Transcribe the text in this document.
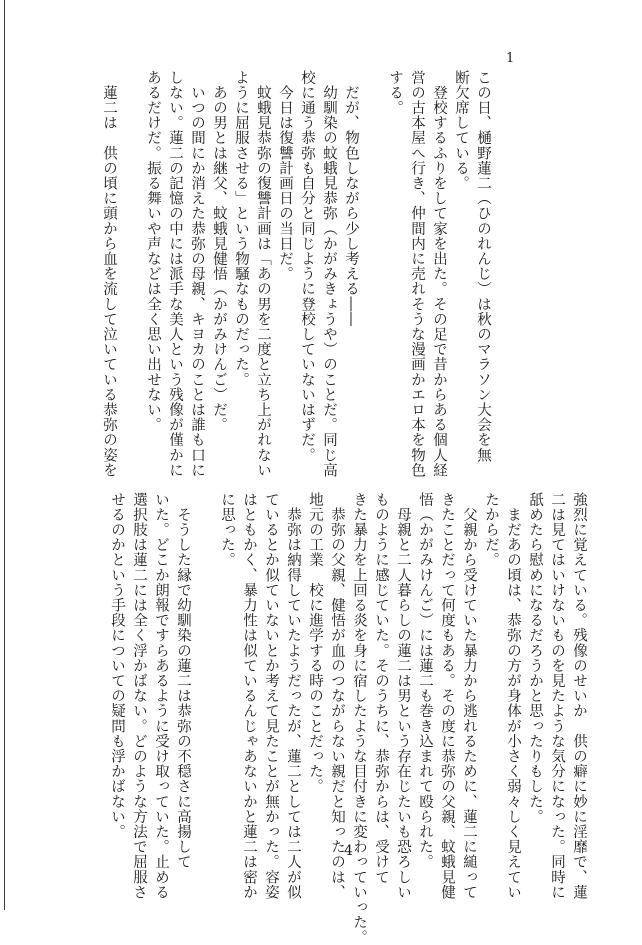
1
この日、樋野蓮二（ひのれんじ）は秋のマラソン大会を無
断欠席している。
　登校するふりをして家を出た。その足で昔からある個人経
営の古本屋へ行き、仲間内に売れそうな漫画かエロ本を物色
する。
　だが、物色しながら少し考える――
　幼馴染の蚊蛾見恭弥（かがみきょうや）のことだ。同じ高
校に通う恭弥も自分と同じように登校していないはずだ。
　今日は復讐計画日の当日だ。
　蚊蛾見恭弥の復讐計画は「あの男を二度と立ち上がれない
ように屈服させる」という物騒なものだった。
　あの男とは継父、蚊蛾見健悟（かがみけんご）だ。
　いつの間にか消えた恭弥の母親、キヨカのことは誰も口に
しない。蓮二の記憶の中には派手な美人という残像が僅かに
あるだけだ。振る舞いや声などは全く思い出せない。
　蓮二は　供の頃に頭から血を流して泣いている恭弥の姿を
強烈に覚えている。残像のせいか　供の癖に妙に淫靡で、蓮
二は見てはいけないものを見たような気分になった。同時に
舐めたら慰めになるだろうかと思ったりもした。
　まだあの頃は、恭弥の方が身体が小さく弱々しく見えてい
たからだ。
　父親から受けていた暴力から逃れるために、蓮二に縋って
きたことだって何度もある。その度に恭弥の父親、蚊蛾見健
悟（かがみけんご）には蓮二も巻き込まれて殴られた。
　母親と二人暮らしの蓮二は男という存在じたいも恐ろしい
ものように感じていた。そのうちに、恭弥からは、受けて
きた暴力を上回る炎を身に宿したような目付きに変わっていった。
　恭弥の父親、健悟が血のつながらない親だと知ったのは、
地元の工業　校に進学する時のことだった。
　恭弥は納得していたようだったが、蓮二としては二人が似
ているとか似ていないとか考えて見たことが無かった。容姿
はともかく、暴力性は似ているんじゃあないかと蓮二は密か
に思った。
　そうした縁で幼馴染の蓮二は恭弥の不穏さに高揚して
いた。どこか朗報ですらあるように受け取っていた。止める
選択肢は蓮二には全く浮かばない。どのような方法で屈服さ
せるのかという手段についての疑問も浮かばない。
4
